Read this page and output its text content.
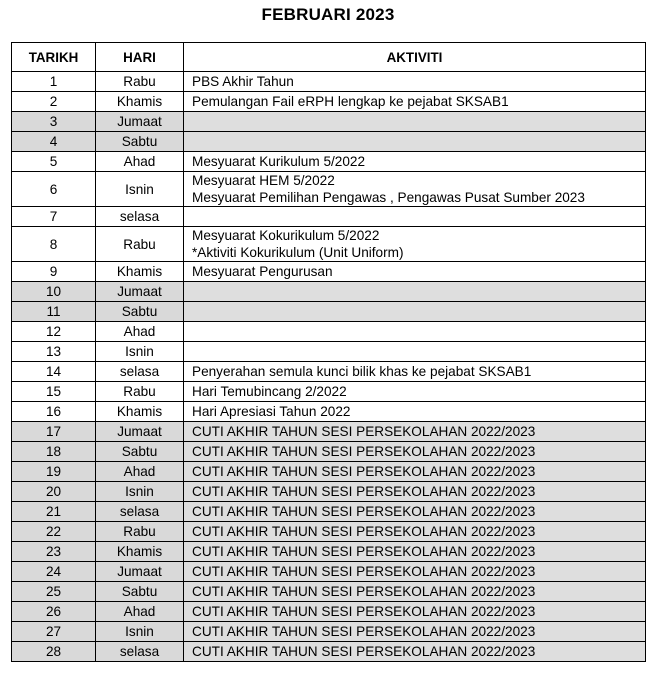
FEBRUARI 2023
TARIKH	HARI	AKTIVITI
1	Rabu	PBS Akhir Tahun

2	Khamis	Pemulangan Fail eRPH lengkap ke pejabat SKSAB1

3	Jumaat	
4	Sabtu	
5	Ahad	Mesyuarat Kurikulum 5/2022

6	Isnin	Mesyuarat HEM 5/2022
Mesyuarat Pemilihan Pengawas , Pengawas Pusat Sumber 2023

7	selasa	
8	Rabu	Mesyuarat Kokurikulum 5/2022
*Aktiviti Kokurikulum (Unit Uniform)

9	Khamis	Mesyuarat Pengurusan

10	Jumaat	
11	Sabtu	
12	Ahad	
13	Isnin	
14	selasa	Penyerahan semula kunci bilik khas ke pejabat SKSAB1

15	Rabu	Hari Temubincang 2/2022

16	Khamis	Hari Apresiasi Tahun 2022

17	Jumaat	CUTI AKHIR TAHUN SESI PERSEKOLAHAN 2022/2023

18	Sabtu	CUTI AKHIR TAHUN SESI PERSEKOLAHAN 2022/2023

19	Ahad	CUTI AKHIR TAHUN SESI PERSEKOLAHAN 2022/2023

20	Isnin	CUTI AKHIR TAHUN SESI PERSEKOLAHAN 2022/2023

21	selasa	CUTI AKHIR TAHUN SESI PERSEKOLAHAN 2022/2023

22	Rabu	CUTI AKHIR TAHUN SESI PERSEKOLAHAN 2022/2023

23	Khamis	CUTI AKHIR TAHUN SESI PERSEKOLAHAN 2022/2023

24	Jumaat	CUTI AKHIR TAHUN SESI PERSEKOLAHAN 2022/2023

25	Sabtu	CUTI AKHIR TAHUN SESI PERSEKOLAHAN 2022/2023

26	Ahad	CUTI AKHIR TAHUN SESI PERSEKOLAHAN 2022/2023

27	Isnin	CUTI AKHIR TAHUN SESI PERSEKOLAHAN 2022/2023

28	selasa	CUTI AKHIR TAHUN SESI PERSEKOLAHAN 2022/2023
